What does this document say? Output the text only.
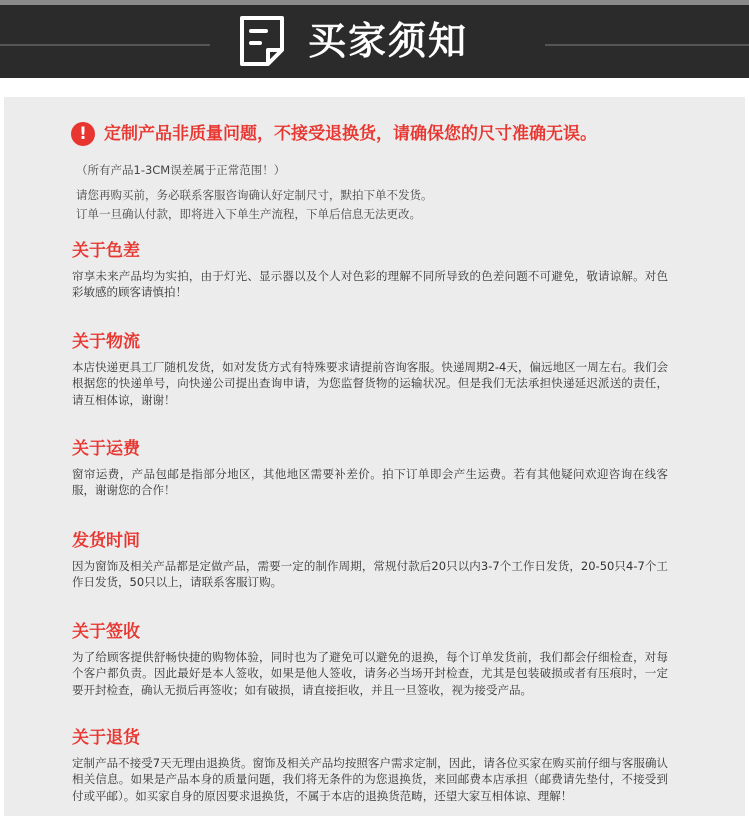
买家须知
!	定制产品非质量问题，不接受退换货，请确保您的尺寸准确无误。
（所有产品1-3CM误差属于正常范围！）
请您再购买前，务必联系客服咨询确认好定制尺寸，默拍下单不发货。
订单一旦确认付款，即将进入下单生产流程，下单后信息无法更改。
关于色差

帘享未来产品均为实拍，由于灯光、显示器以及个人对色彩的理解不同所导致的色差问题不可避免，敬请谅解。对色彩敏感的顾客请慎拍！

关于物流

本店快递更具工厂随机发货，如对发货方式有特殊要求请提前咨询客服。快递周期2-4天，偏远地区一周左右。我们会根据您的快递单号，向快递公司提出查询申请，为您监督货物的运输状况。但是我们无法承担快递延迟派送的责任，请互相体谅，谢谢！

关于运费

窗帘运费，产品包邮是指部分地区，其他地区需要补差价。拍下订单即会产生运费。若有其他疑问欢迎咨询在线客服，谢谢您的合作！

发货时间

因为窗饰及相关产品都是定做产品，需要一定的制作周期，常规付款后20只以内3-7个工作日发货，20-50只4-7个工作日发货，50只以上，请联系客服订购。

关于签收

为了给顾客提供舒畅快捷的购物体验，同时也为了避免可以避免的退换，每个订单发货前，我们都会仔细检查，对每个客户都负责。因此最好是本人签收，如果是他人签收，请务必当场开封检查，尤其是包装破损或者有压痕时，一定要开封检查，确认无损后再签收；如有破损，请直接拒收，并且一旦签收，视为接受产品。

关于退货

定制产品不接受7天无理由退换货。窗饰及相关产品均按照客户需求定制，因此，请各位买家在购买前仔细与客服确认相关信息。如果是产品本身的质量问题，我们将无条件的为您退换货，来回邮费本店承担（邮费请先垫付，不接受到付或平邮）。如买家自身的原因要求退换货，不属于本店的退换货范畴，还望大家互相体谅、理解！
